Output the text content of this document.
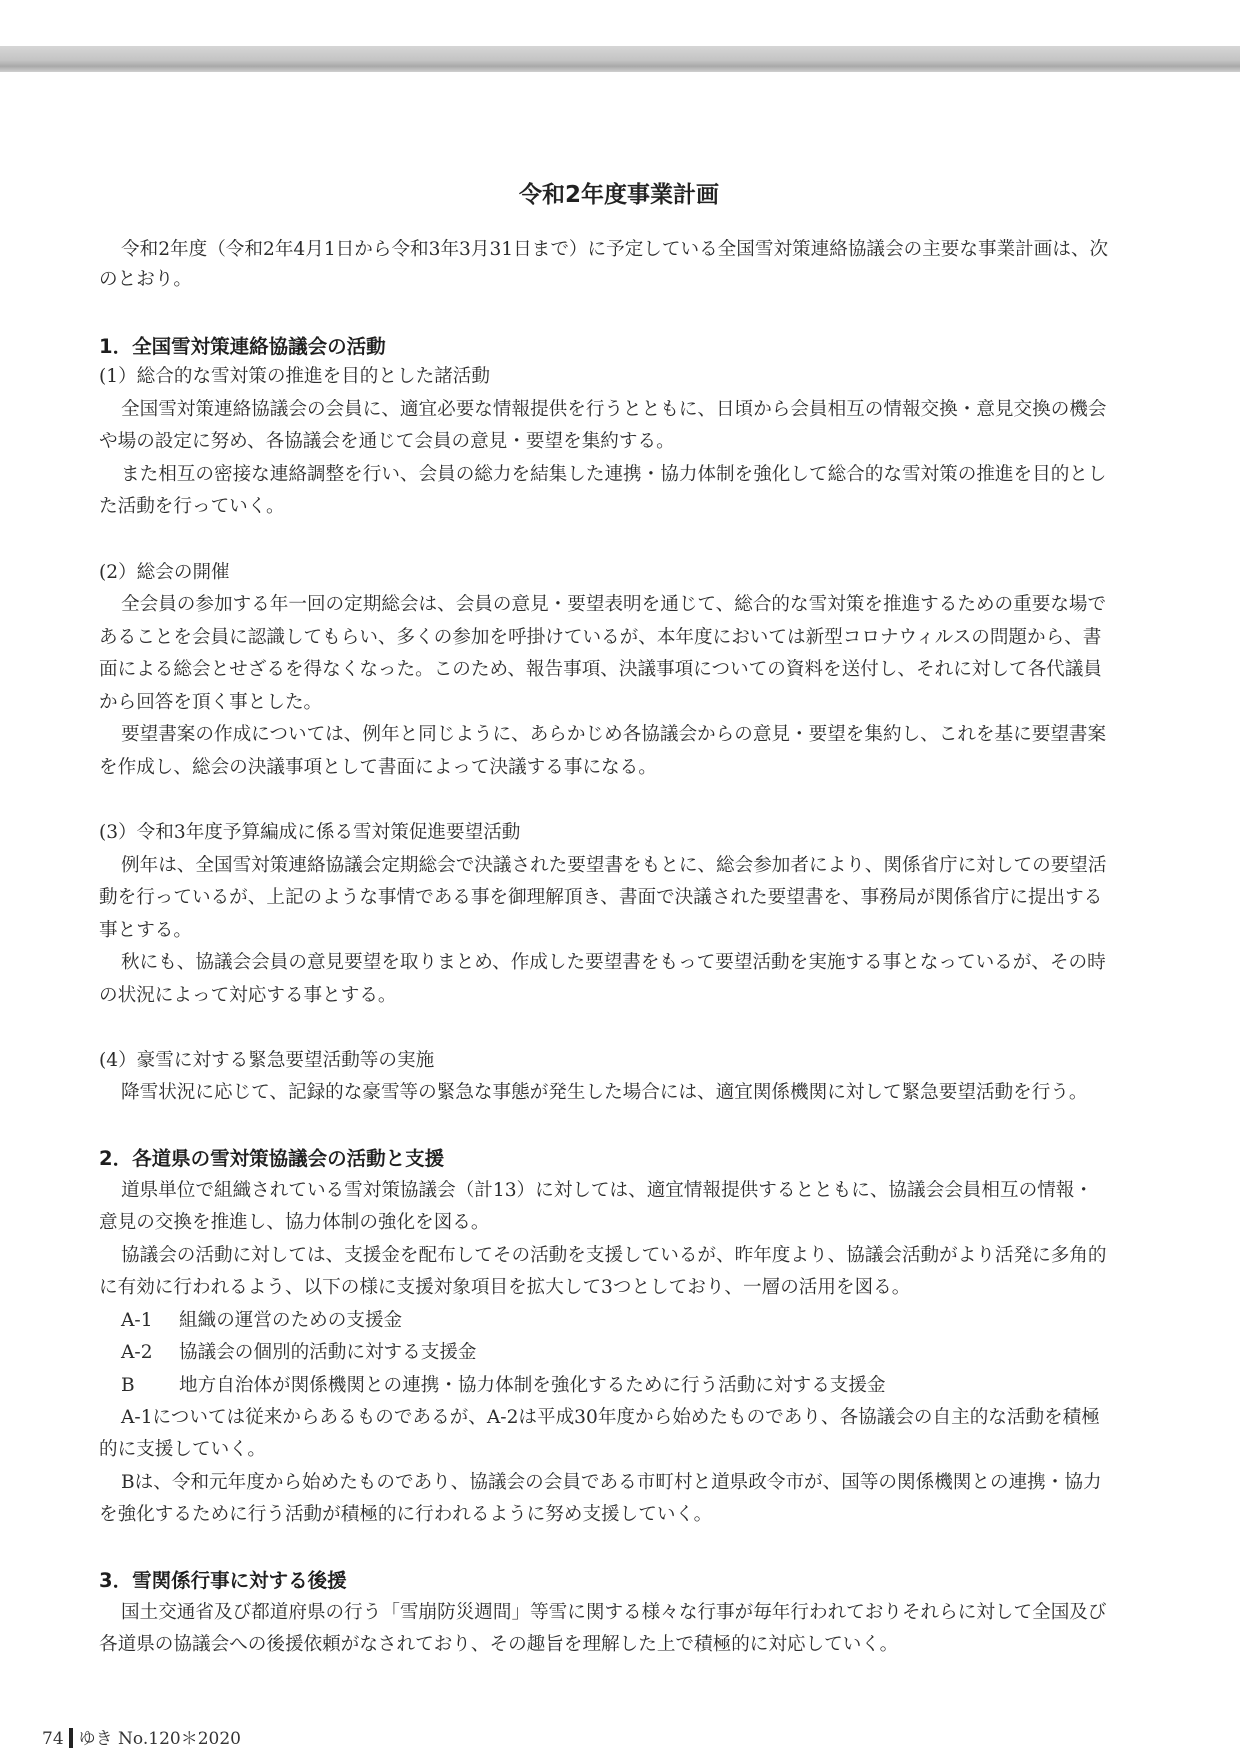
令和2年度事業計画
令和2年度（令和2年4月1日から令和3年3月31日まで）に予定している全国雪対策連絡協議会の主要な事業計画は、次
のとおり。
1．全国雪対策連絡協議会の活動
(1）総合的な雪対策の推進を目的とした諸活動
全国雪対策連絡協議会の会員に、適宜必要な情報提供を行うとともに、日頃から会員相互の情報交換・意見交換の機会
や場の設定に努め、各協議会を通じて会員の意見・要望を集約する。
また相互の密接な連絡調整を行い、会員の総力を結集した連携・協力体制を強化して総合的な雪対策の推進を目的とし
た活動を行っていく。
(2）総会の開催
全会員の参加する年一回の定期総会は、会員の意見・要望表明を通じて、総合的な雪対策を推進するための重要な場で
あることを会員に認識してもらい、多くの参加を呼掛けているが、本年度においては新型コロナウィルスの問題から、書
面による総会とせざるを得なくなった。このため、報告事項、決議事項についての資料を送付し、それに対して各代議員
から回答を頂く事とした。
要望書案の作成については、例年と同じように、あらかじめ各協議会からの意見・要望を集約し、これを基に要望書案
を作成し、総会の決議事項として書面によって決議する事になる。
(3）令和3年度予算編成に係る雪対策促進要望活動
例年は、全国雪対策連絡協議会定期総会で決議された要望書をもとに、総会参加者により、関係省庁に対しての要望活
動を行っているが、上記のような事情である事を御理解頂き、書面で決議された要望書を、事務局が関係省庁に提出する
事とする。
秋にも、協議会会員の意見要望を取りまとめ、作成した要望書をもって要望活動を実施する事となっているが、その時
の状況によって対応する事とする。
(4）豪雪に対する緊急要望活動等の実施
降雪状況に応じて、記録的な豪雪等の緊急な事態が発生した場合には、適宜関係機関に対して緊急要望活動を行う。
2．各道県の雪対策協議会の活動と支援
道県単位で組織されている雪対策協議会（計13）に対しては、適宜情報提供するとともに、協議会会員相互の情報・
意見の交換を推進し、協力体制の強化を図る。
協議会の活動に対しては、支援金を配布してその活動を支援しているが、昨年度より、協議会活動がより活発に多角的
に有効に行われるよう、以下の様に支援対象項目を拡大して3つとしており、一層の活用を図る。
A-1 組織の運営のための支援金
A-2 協議会の個別的活動に対する支援金
B 地方自治体が関係機関との連携・協力体制を強化するために行う活動に対する支援金
A-1については従来からあるものであるが、A-2は平成30年度から始めたものであり、各協議会の自主的な活動を積極
的に支援していく。
Bは、令和元年度から始めたものであり、協議会の会員である市町村と道県政令市が、国等の関係機関との連携・協力
を強化するために行う活動が積極的に行われるように努め支援していく。
3．雪関係行事に対する後援
国土交通省及び都道府県の行う「雪崩防災週間」等雪に関する様々な行事が毎年行われておりそれらに対して全国及び
各道県の協議会への後援依頼がなされており、その趣旨を理解した上で積極的に対応していく。
74 ゆき No.120＊2020
